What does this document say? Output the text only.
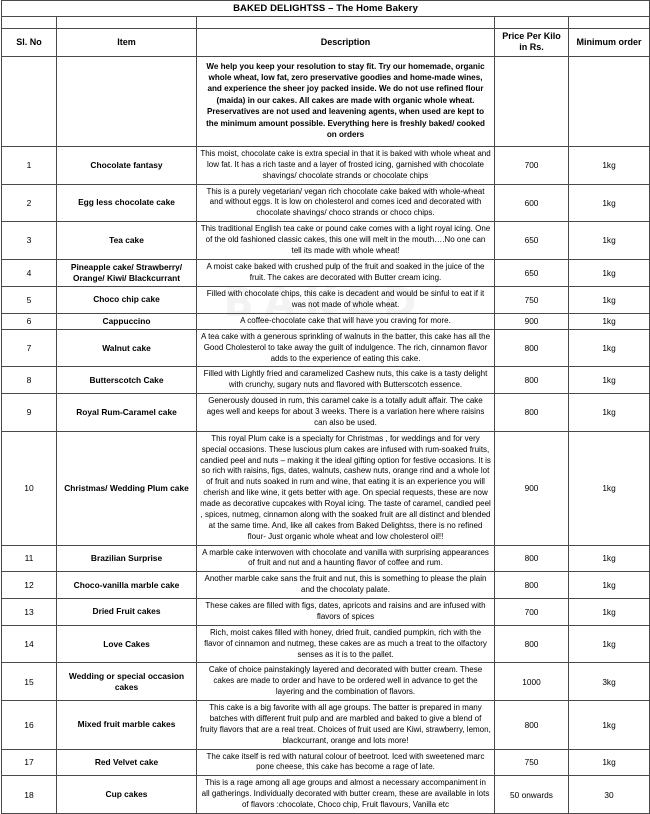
BAKED DELIGHTSS – The Home Bakery				

Sl. No	Item	Description	Price Per Kilo in Rs.	Minimum order
		We help you keep your resolution to stay fit. Try our homemade, organic whole wheat, low fat, zero preservative goodies and home-made wines, and experience the sheer joy packed inside. We do not use refined flour (maida) in our cakes. All cakes are made with organic whole wheat. Preservatives are not used and leavening agents, when used are kept to the minimum amount possible. Everything here is freshly baked/ cooked on orders		
1	Chocolate fantasy	This moist, chocolate cake is extra special in that it is baked with whole wheat and low fat. It has a rich taste and a layer of frosted icing, garnished with chocolate shavings/ chocolate strands or chocolate chips	700	1kg
2	Egg less chocolate cake	This is a purely vegetarian/ vegan rich chocolate cake baked with whole-wheat and without eggs. It is low on cholesterol and comes iced and decorated with chocolate shavings/ choco strands or choco chips.	600	1kg
3	Tea cake	This traditional English tea cake or pound cake comes with a light royal icing. One of the old fashioned classic cakes, this one will melt in the mouth….No one can tell its made with whole wheat!	650	1kg
4	Pineapple cake/ Strawberry/ Orange/ Kiwi/ Blackcurrant	A moist cake baked with crushed pulp of the fruit and soaked in the juice of the fruit. The cakes are decorated with Butter cream icing.	650	1kg
5	Choco chip cake	Filled with chocolate chips, this cake is decadent and would be sinful to eat if it was not made of whole wheat.	750	1kg
6	Cappuccino	A coffee-chocolate cake that will have you craving for more.	900	1kg
7	Walnut cake	A tea cake with a generous sprinkling of walnuts in the batter, this cake has all the Good Cholesterol to take away the guilt of indulgence. The rich, cinnamon flavor adds to the experience of eating this cake.	800	1kg
8	Butterscotch Cake	Filled with Lightly fried and caramelized Cashew nuts, this cake is a tasty delight with crunchy, sugary nuts and flavored with Butterscotch essence.	800	1kg
9	Royal Rum-Caramel cake	Generously doused in rum, this caramel cake is a totally adult affair. The cake ages well and keeps for about 3 weeks. There is a variation here where raisins can also be used.	800	1kg
10	Christmas/ Wedding Plum cake	This royal Plum cake is a specialty for Christmas , for weddings and for very special occasions. These luscious plum cakes are infused with rum-soaked fruits, candied peel and nuts – making it the ideal gifting option for festive occasions. It is so rich with raisins, figs, dates, walnuts, cashew nuts, orange rind and a whole lot of fruit and nuts soaked in rum and wine, that eating it is an experience you will cherish and like wine, it gets better with age. On special requests, these are now made as decorative cupcakes with Royal icing. The taste of caramel, candied peel , spices, nutmeg, cinnamon along with the soaked fruit are all distinct and blended at the same time. And, like all cakes from Baked Delightss, there is no refined flour- Just organic whole wheat and low cholesterol oil!!	900	1kg
11	Brazilian Surprise	A marble cake interwoven with chocolate and vanilla with surprising appearances of fruit and nut and a haunting flavor of coffee and rum.	800	1kg
12	Choco-vanilla marble cake	Another marble cake sans the fruit and nut, this is something to please the plain and the chocolaty palate.	800	1kg
13	Dried Fruit cakes	These cakes are filled with figs, dates, apricots and raisins and are infused with flavors of spices	700	1kg
14	Love Cakes	Rich, moist cakes filled with honey, dried fruit, candied pumpkin, rich with the flavor of cinnamon and nutmeg, these cakes are as much a treat to the olfactory senses as it is to the pallet.	800	1kg
15	Wedding or special occasion cakes	Cake of choice painstakingly layered and decorated with butter cream. These cakes are made to order and have to be ordered well in advance to get the layering and the combination of flavors.	1000	3kg
16	Mixed fruit marble cakes	This cake is a big favorite with all age groups. The batter is prepared in many batches with different fruit pulp and are marbled and baked to give a blend of fruity flavors that are a real treat. Choices of fruit used are Kiwi, strawberry, lemon, blackcurrant, orange and lots more!	800	1kg
17	Red Velvet cake	The cake itself is red with natural colour of beetroot. Iced with sweetened marc pone cheese, this cake has become a rage of late.	750	1kg
18	Cup cakes	This is a rage among all age groups and almost a necessary accompaniment in all gatherings. Individually decorated with butter cream, these are available in lots of flavors :chocolate, Choco chip, Fruit flavours, Vanilla etc	50 onwards	30
